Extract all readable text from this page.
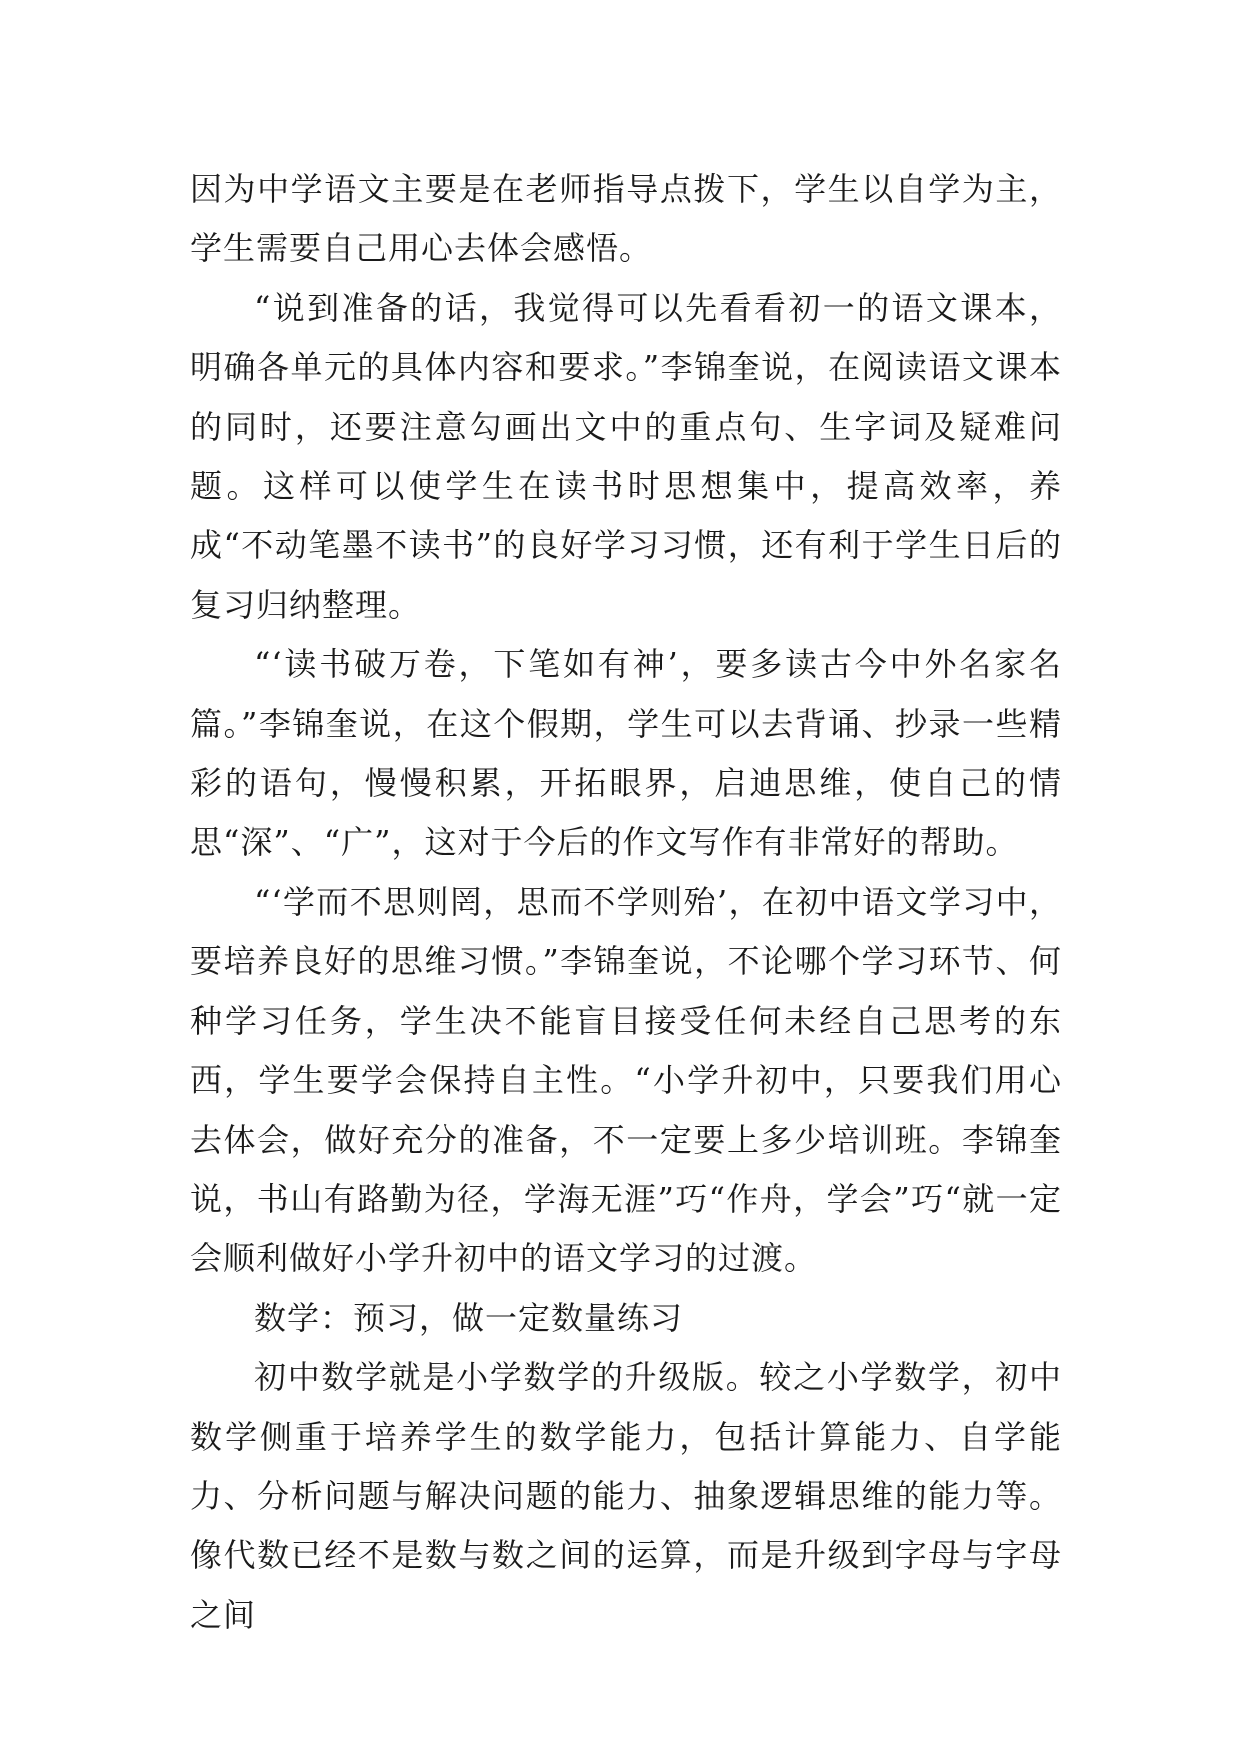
因为中学语文主要是在老师指导点拨下，学生以自学为主，学生需要自己用心去体会感悟。

“说到准备的话，我觉得可以先看看初一的语文课本，明确各单元的具体内容和要求。”李锦奎说，在阅读语文课本的同时，还要注意勾画出文中的重点句、生字词及疑难问题。这样可以使学生在读书时思想集中，提高效率，养成“不动笔墨不读书”的良好学习习惯，还有利于学生日后的复习归纳整理。

“‘读书破万卷，下笔如有神’，要多读古今中外名家名篇。”李锦奎说，在这个假期，学生可以去背诵、抄录一些精彩的语句，慢慢积累，开拓眼界，启迪思维，使自己的情思“深”、“广”，这对于今后的作文写作有非常好的帮助。

“‘学而不思则罔，思而不学则殆’，在初中语文学习中，要培养良好的思维习惯。”李锦奎说，不论哪个学习环节、何种学习任务，学生决不能盲目接受任何未经自己思考的东西，学生要学会保持自主性。“小学升初中，只要我们用心去体会，做好充分的准备，不一定要上多少培训班。李锦奎说，书山有路勤为径，学海无涯”巧“作舟，学会”巧“就一定会顺利做好小学升初中的语文学习的过渡。

数学：预习，做一定数量练习

初中数学就是小学数学的升级版。较之小学数学，初中数学侧重于培养学生的数学能力，包括计算能力、自学能力、分析问题与解决问题的能力、抽象逻辑思维的能力等。像代数已经不是数与数之间的运算，而是升级到字母与字母之间
